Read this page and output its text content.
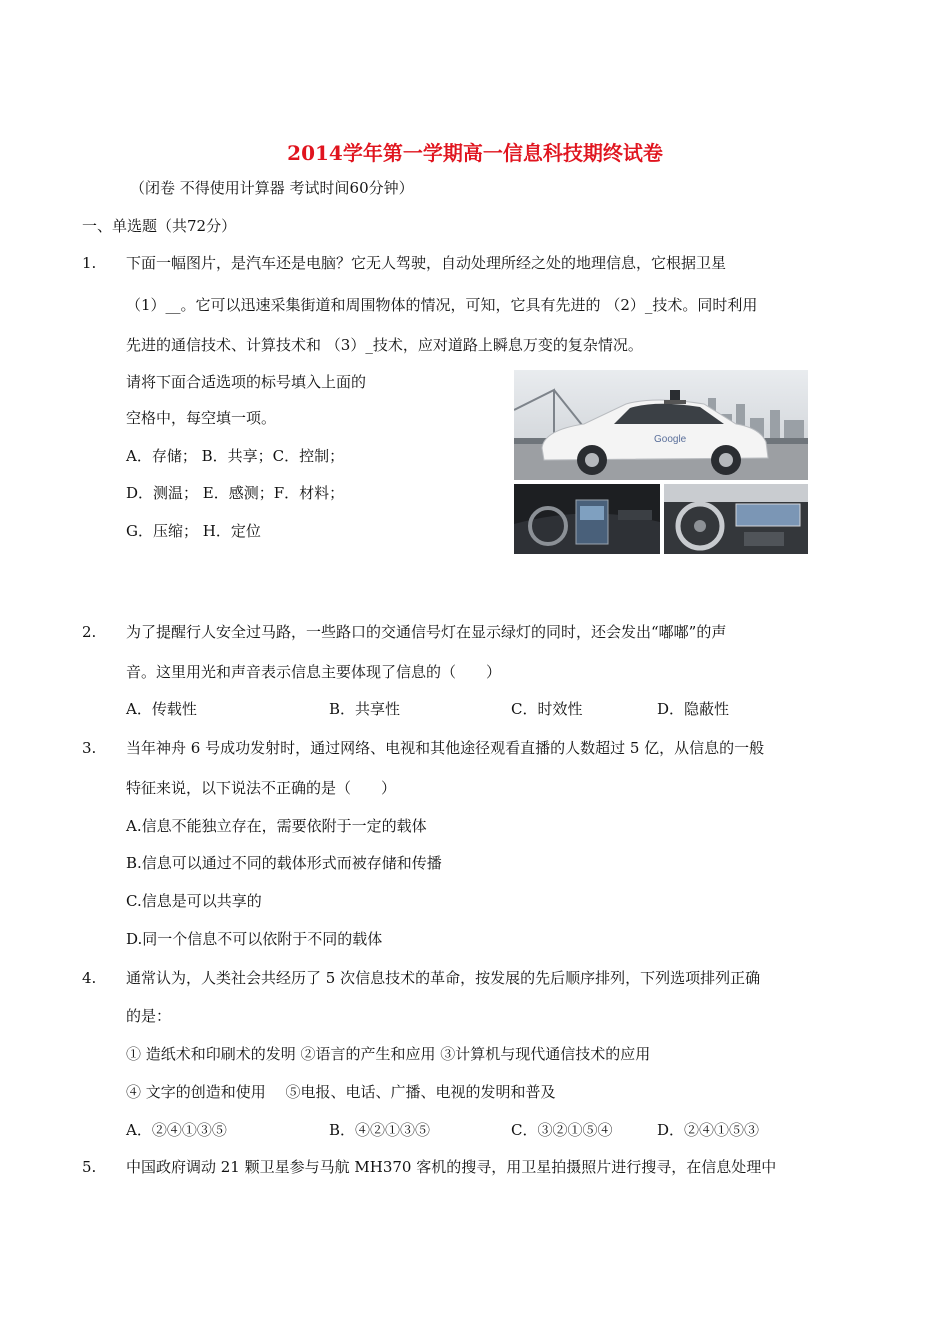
2014学年第一学期高一信息科技期终试卷
（闭卷 不得使用计算器 考试时间60分钟）
一、单选题（共72分）
1. 下面一幅图片，是汽车还是电脑？它无人驾驶，自动处理所经之处的地理信息，它根据卫星
（1）__。它可以迅速采集街道和周围物体的情况，可知，它具有先进的 （2）_技术。同时利用
先进的通信技术、计算技术和 （3）_技术，应对道路上瞬息万变的复杂情况。
请将下面合适选项的标号填入上面的
空格中，每空填一项。
A．存储； B．共享；C．控制；
D．测温； E．感测；F．材料；
G．压缩； H．定位
Google
2. 为了提醒行人安全过马路，一些路口的交通信号灯在显示绿灯的同时，还会发出“嘟嘟”的声
音。这里用光和声音表示信息主要体现了信息的（　　）
A．传载性	B．共享性	C．时效性	D．隐蔽性
3. 当年神舟 6 号成功发射时，通过网络、电视和其他途径观看直播的人数超过 5 亿，从信息的一般
特征来说，以下说法不正确的是（　　）
A.信息不能独立存在，需要依附于一定的载体
B.信息可以通过不同的载体形式而被存储和传播
C.信息是可以共享的
D.同一个信息不可以依附于不同的载体
4. 通常认为，人类社会共经历了 5 次信息技术的革命，按发展的先后顺序排列，下列选项排列正确
的是：
① 造纸术和印刷术的发明 ②语言的产生和应用 ③计算机与现代通信技术的应用
④ 文字的创造和使用　 ⑤电报、电话、广播、电视的发明和普及
A．②④①③⑤	B．④②①③⑤	C．③②①⑤④	D．②④①⑤③
5. 中国政府调动 21 颗卫星参与马航 MH370 客机的搜寻，用卫星拍摄照片进行搜寻，在信息处理中
